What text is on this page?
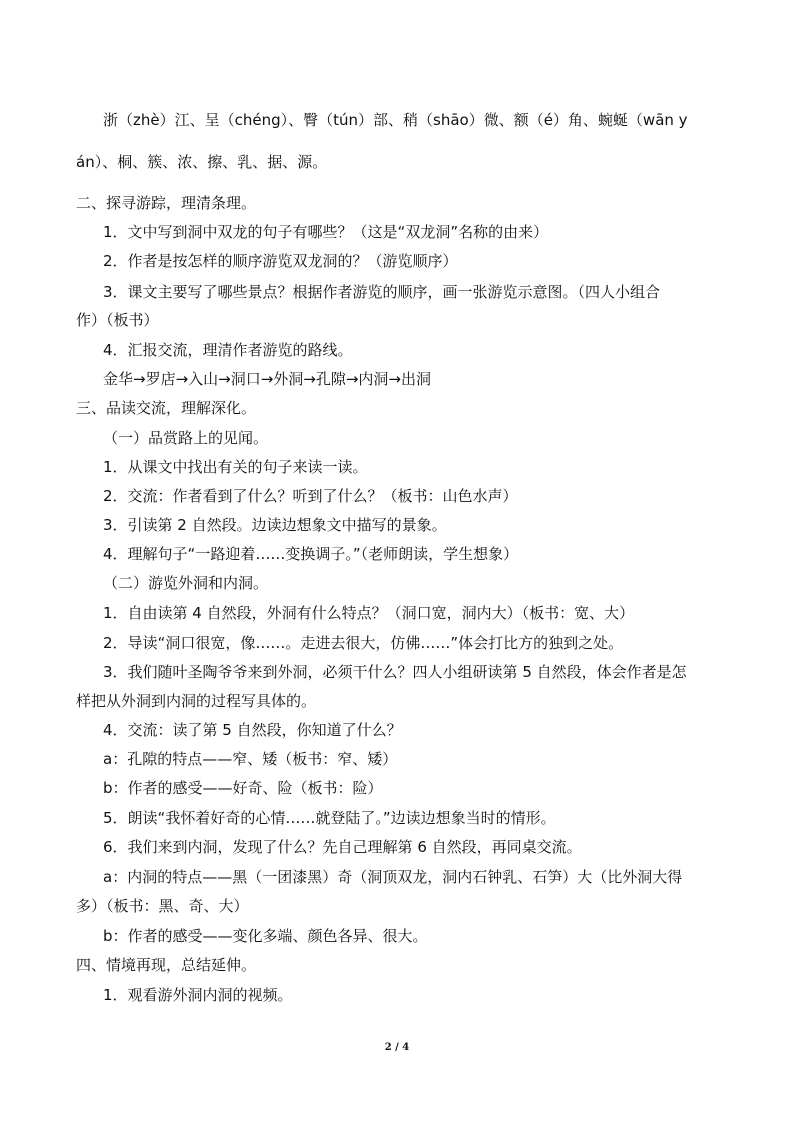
浙（zhè）江、呈（chéng）、臀（tún）部、稍（shāo）微、额（é）角、蜿蜒（wān y
án）、桐、簇、浓、擦、乳、据、源。
二、探寻游踪，理清条理。
1．文中写到洞中双龙的句子有哪些？（这是“双龙洞”名称的由来）
2．作者是按怎样的顺序游览双龙洞的？（游览顺序）
3．课文主要写了哪些景点？根据作者游览的顺序，画一张游览示意图。（四人小组合
作）（板书）
4．汇报交流，理清作者游览的路线。
金华→罗店→入山→洞口→外洞→孔隙→内洞→出洞
三、品读交流，理解深化。
（一）品赏路上的见闻。
1．从课文中找出有关的句子来读一读。
2．交流：作者看到了什么？听到了什么？（板书：山色水声）
3．引读第 2 自然段。边读边想象文中描写的景象。
4．理解句子“一路迎着……变换调子。”（老师朗读，学生想象）
（二）游览外洞和内洞。
1．自由读第 4 自然段，外洞有什么特点？（洞口宽，洞内大）（板书：宽、大）
2．导读“洞口很宽，像……。走进去很大，仿佛……”体会打比方的独到之处。
3．我们随叶圣陶爷爷来到外洞，必须干什么？四人小组研读第 5 自然段，体会作者是怎
样把从外洞到内洞的过程写具体的。
4．交流：读了第 5 自然段，你知道了什么？
a：孔隙的特点——窄、矮（板书：窄、矮）
b：作者的感受——好奇、险（板书：险）
5．朗读“我怀着好奇的心情……就登陆了。”边读边想象当时的情形。
6．我们来到内洞，发现了什么？先自己理解第 6 自然段，再同桌交流。
a：内洞的特点——黑（一团漆黑）奇（洞顶双龙，洞内石钟乳、石笋）大（比外洞大得
多）（板书：黑、奇、大）
b：作者的感受——变化多端、颜色各异、很大。
四、情境再现，总结延伸。
1．观看游外洞内洞的视频。
2 / 4
